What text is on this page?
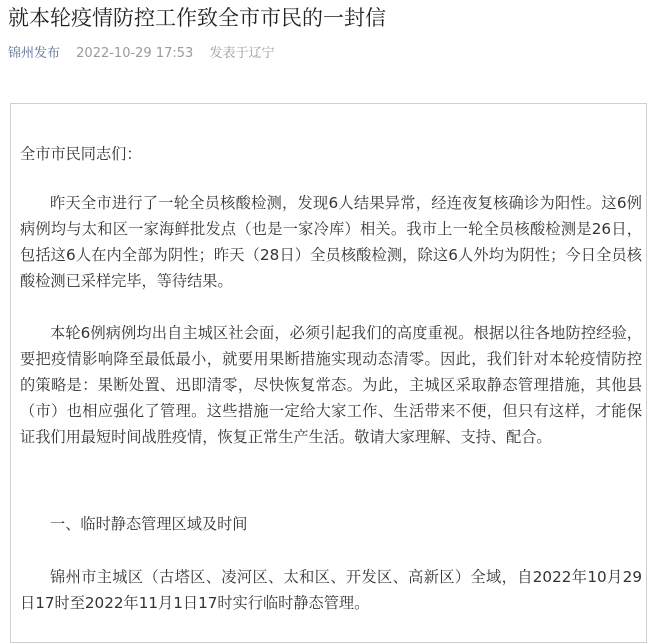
就本轮疫情防控工作致全市市民的一封信
锦州发布 2022-10-29 17:53 发表于辽宁

全市市民同志们：

昨天全市进行了一轮全员核酸检测，发现6人结果异常，经连夜复核确诊为阳性。这6例病例均与太和区一家海鲜批发点（也是一家冷库）相关。我市上一轮全员核酸检测是26日，包括这6人在内全部为阴性；昨天（28日）全员核酸检测，除这6人外均为阴性；今日全员核酸检测已采样完毕，等待结果。

本轮6例病例均出自主城区社会面，必须引起我们的高度重视。根据以往各地防控经验，要把疫情影响降至最低最小，就要用果断措施实现动态清零。因此，我们针对本轮疫情防控的策略是：果断处置、迅即清零，尽快恢复常态。为此，主城区采取静态管理措施，其他县（市）也相应强化了管理。这些措施一定给大家工作、生活带来不便，但只有这样，才能保证我们用最短时间战胜疫情，恢复正常生产生活。敬请大家理解、支持、配合。

一、临时静态管理区域及时间

锦州市主城区（古塔区、凌河区、太和区、开发区、高新区）全域，自2022年10月29日17时至2022年11月1日17时实行临时静态管理。
